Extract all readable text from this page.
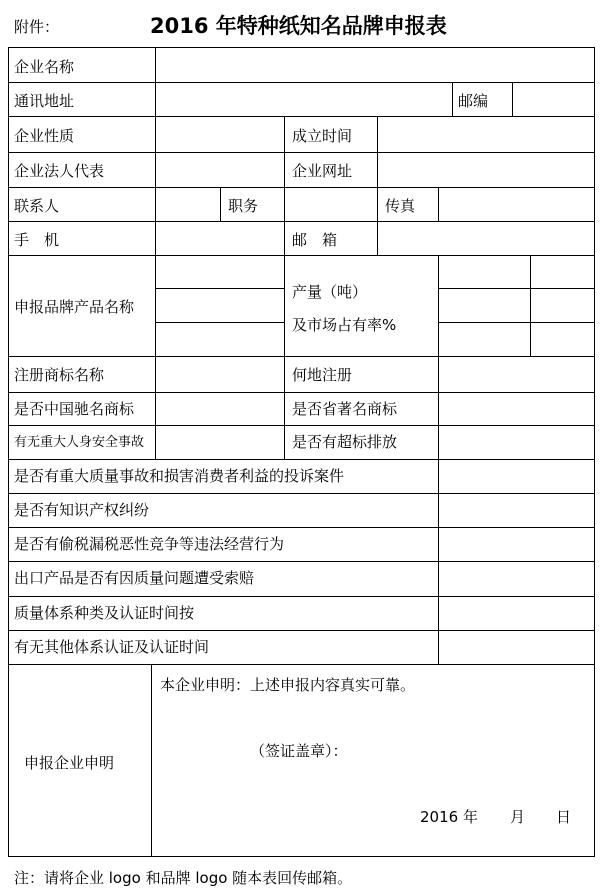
附件：	2016 年特种纸知名品牌申报表
企业名称
通讯地址	邮编
企业性质	成立时间
企业法人代表	企业网址
联系人	职务	传真
手　机	邮　箱
申报品牌产品名称
产量（吨）
及市场占有率%
注册商标名称	何地注册
是否中国驰名商标	是否省著名商标
有无重大人身安全事故	是否有超标排放
是否有重大质量事故和损害消费者利益的投诉案件
是否有知识产权纠纷
是否有偷税漏税恶性竞争等违法经营行为
出口产品是否有因质量问题遭受索赔
质量体系种类及认证时间按
有无其他体系认证及认证时间
申报企业申明
本企业申明：上述申报内容真实可靠。
（签证盖章）：
2016 年 月 日
注：请将企业 logo 和品牌 logo 随本表回传邮箱。
